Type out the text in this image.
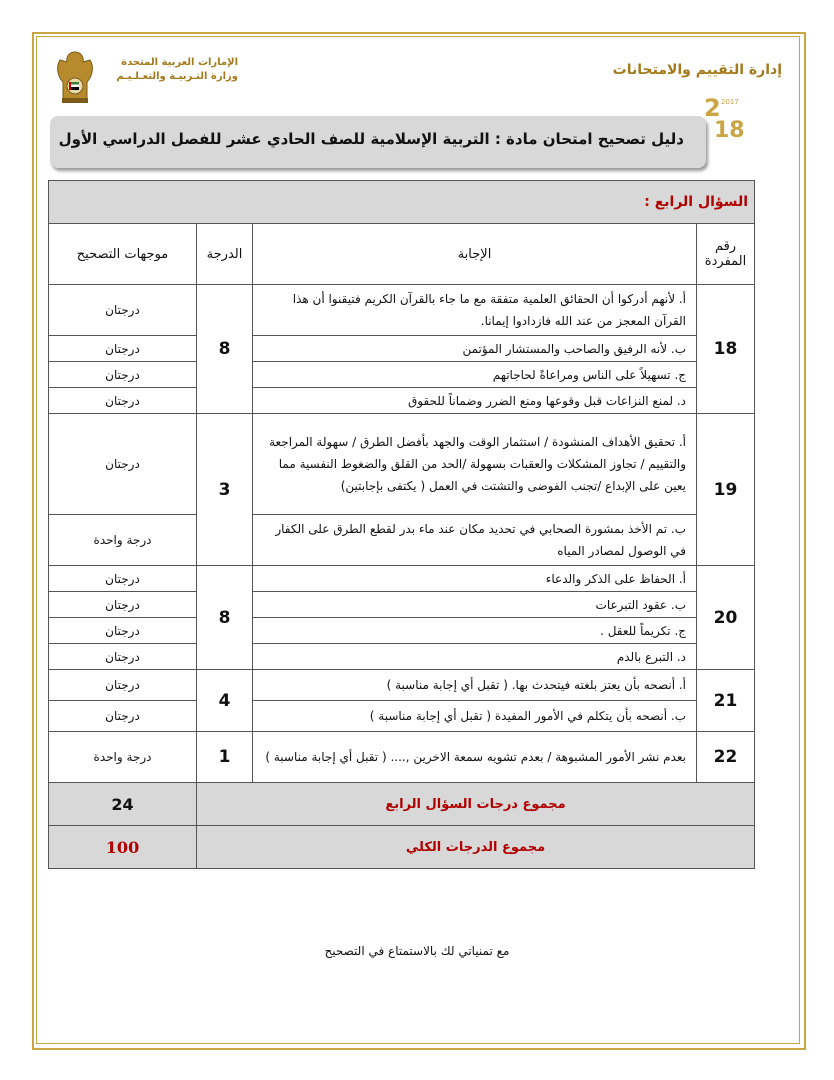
إدارة التقييم والامتحانات
2 2017
18
الإمارات العربية المتحدة
وزارة التـربيـة والتعـلـيـم
دليل تصحيح امتحان مادة : التربية الإسلامية للصف الحادي عشر للفصل الدراسي الأول
السؤال الرابع :			
رقم المفردة	الإجابة	الدرجة	موجهات التصحيح
18	أ. لأنهم أدركوا أن الحقائق العلمية متفقة مع ما جاء بالقرآن الكريم فتيقنوا أن هذا القرآن المعجز من عند الله فازدادوا إيمانا.	8	درجتان
	ب. لأنه الرفيق والصاحب والمستشار المؤتمن		درجتان
	ج. تسهيلاً على الناس ومراعاةً لحاجاتهم		درجتان
	د. لمنع النزاعات قبل وقوعها ومنع الضرر وضماناً للحقوق		درجتان
19	أ. تحقيق الأهداف المنشودة / استثمار الوقت والجهد بأفضل الطرق / سهولة المراجعة والتقييم / تجاوز المشكلات والعقبات بسهولة /الحد من القلق والضغوط النفسية مما يعين على الإبداع /تجنب الفوضى والتشتت في العمل ( يكتفى بإجابتين)	3	درجتان
	ب. تم الأخذ بمشورة الصحابي في تحديد مكان عند ماء بدر لقطع الطرق على الكفار في الوصول لمصادر المياه		درجة واحدة
20	أ. الحفاظ على الذكر والدعاء	8	درجتان
	ب. عقود التبرعات		درجتان
	ج. تكريماً للعقل .		درجتان
	د. التبرع بالدم		درجتان
21	أ. أنصحه بأن يعتز بلغته فيتحدث بها. ( تقبل أي إجابة مناسبة )	4	درجتان
	ب. أنصحه بأن يتكلم في الأمور المفيدة ( تقبل أي إجابة مناسبة )		درجتان
22	بعدم نشر الأمور المشبوهة / بعدم تشويه سمعة الاخرين ,.... ( تقبل أي إجابة مناسبة )	1	درجة واحدة
مجموع درجات السؤال الرابع			24
مجموع الدرجات الكلي			100
مع تمنياتي لك بالاستمتاع في التصحيح
